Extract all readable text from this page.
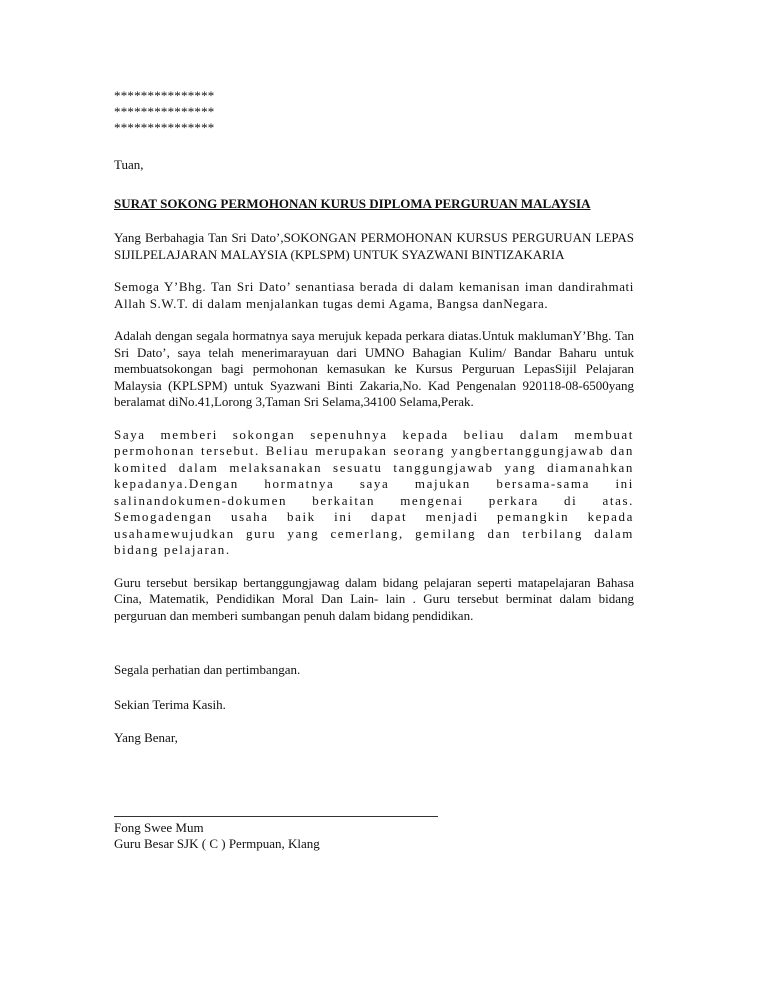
***************

***************

***************

Tuan,

SURAT SOKONG PERMOHONAN KURUS DIPLOMA PERGURUAN MALAYSIA

Yang Berbahagia Tan Sri Dato’,SOKONGAN PERMOHONAN KURSUS PERGURUAN LEPAS SIJILPELAJARAN MALAYSIA (KPLSPM) UNTUK SYAZWANI BINTIZAKARIA

Semoga Y’Bhg. Tan Sri Dato’ senantiasa berada di dalam kemanisan iman dandirahmati Allah S.W.T. di dalam menjalankan tugas demi Agama, Bangsa danNegara.

Adalah dengan segala hormatnya saya merujuk kepada perkara diatas.Untuk maklumanY’Bhg. Tan Sri Dato’, saya telah menerimarayuan dari UMNO Bahagian Kulim/ Bandar Baharu untuk membuatsokongan bagi permohonan kemasukan ke Kursus Perguruan LepasSijil Pelajaran Malaysia (KPLSPM) untuk Syazwani Binti Zakaria,No. Kad Pengenalan 920118-08-6500yang beralamat diNo.41,Lorong 3,Taman Sri Selama,34100 Selama,Perak.

Saya memberi sokongan sepenuhnya kepada beliau dalam membuat permohonan tersebut. Beliau merupakan seorang yangbertanggungjawab dan komited dalam melaksanakan sesuatu tanggungjawab yang diamanahkan kepadanya.Dengan hormatnya saya majukan bersama-sama ini salinandokumen-dokumen berkaitan mengenai perkara di atas. Semogadengan usaha baik ini dapat menjadi pemangkin kepada usahamewujudkan guru yang cemerlang, gemilang dan terbilang dalam bidang pelajaran.

Guru tersebut bersikap bertanggungjawag dalam bidang pelajaran seperti matapelajaran Bahasa Cina, Matematik, Pendidikan Moral Dan Lain- lain . Guru tersebut berminat dalam bidang perguruan dan memberi sumbangan penuh dalam bidang pendidikan.

Segala perhatian dan pertimbangan.

Sekian Terima Kasih.

Yang Benar,

Fong Swee Mum

Guru Besar SJK ( C ) Permpuan, Klang
